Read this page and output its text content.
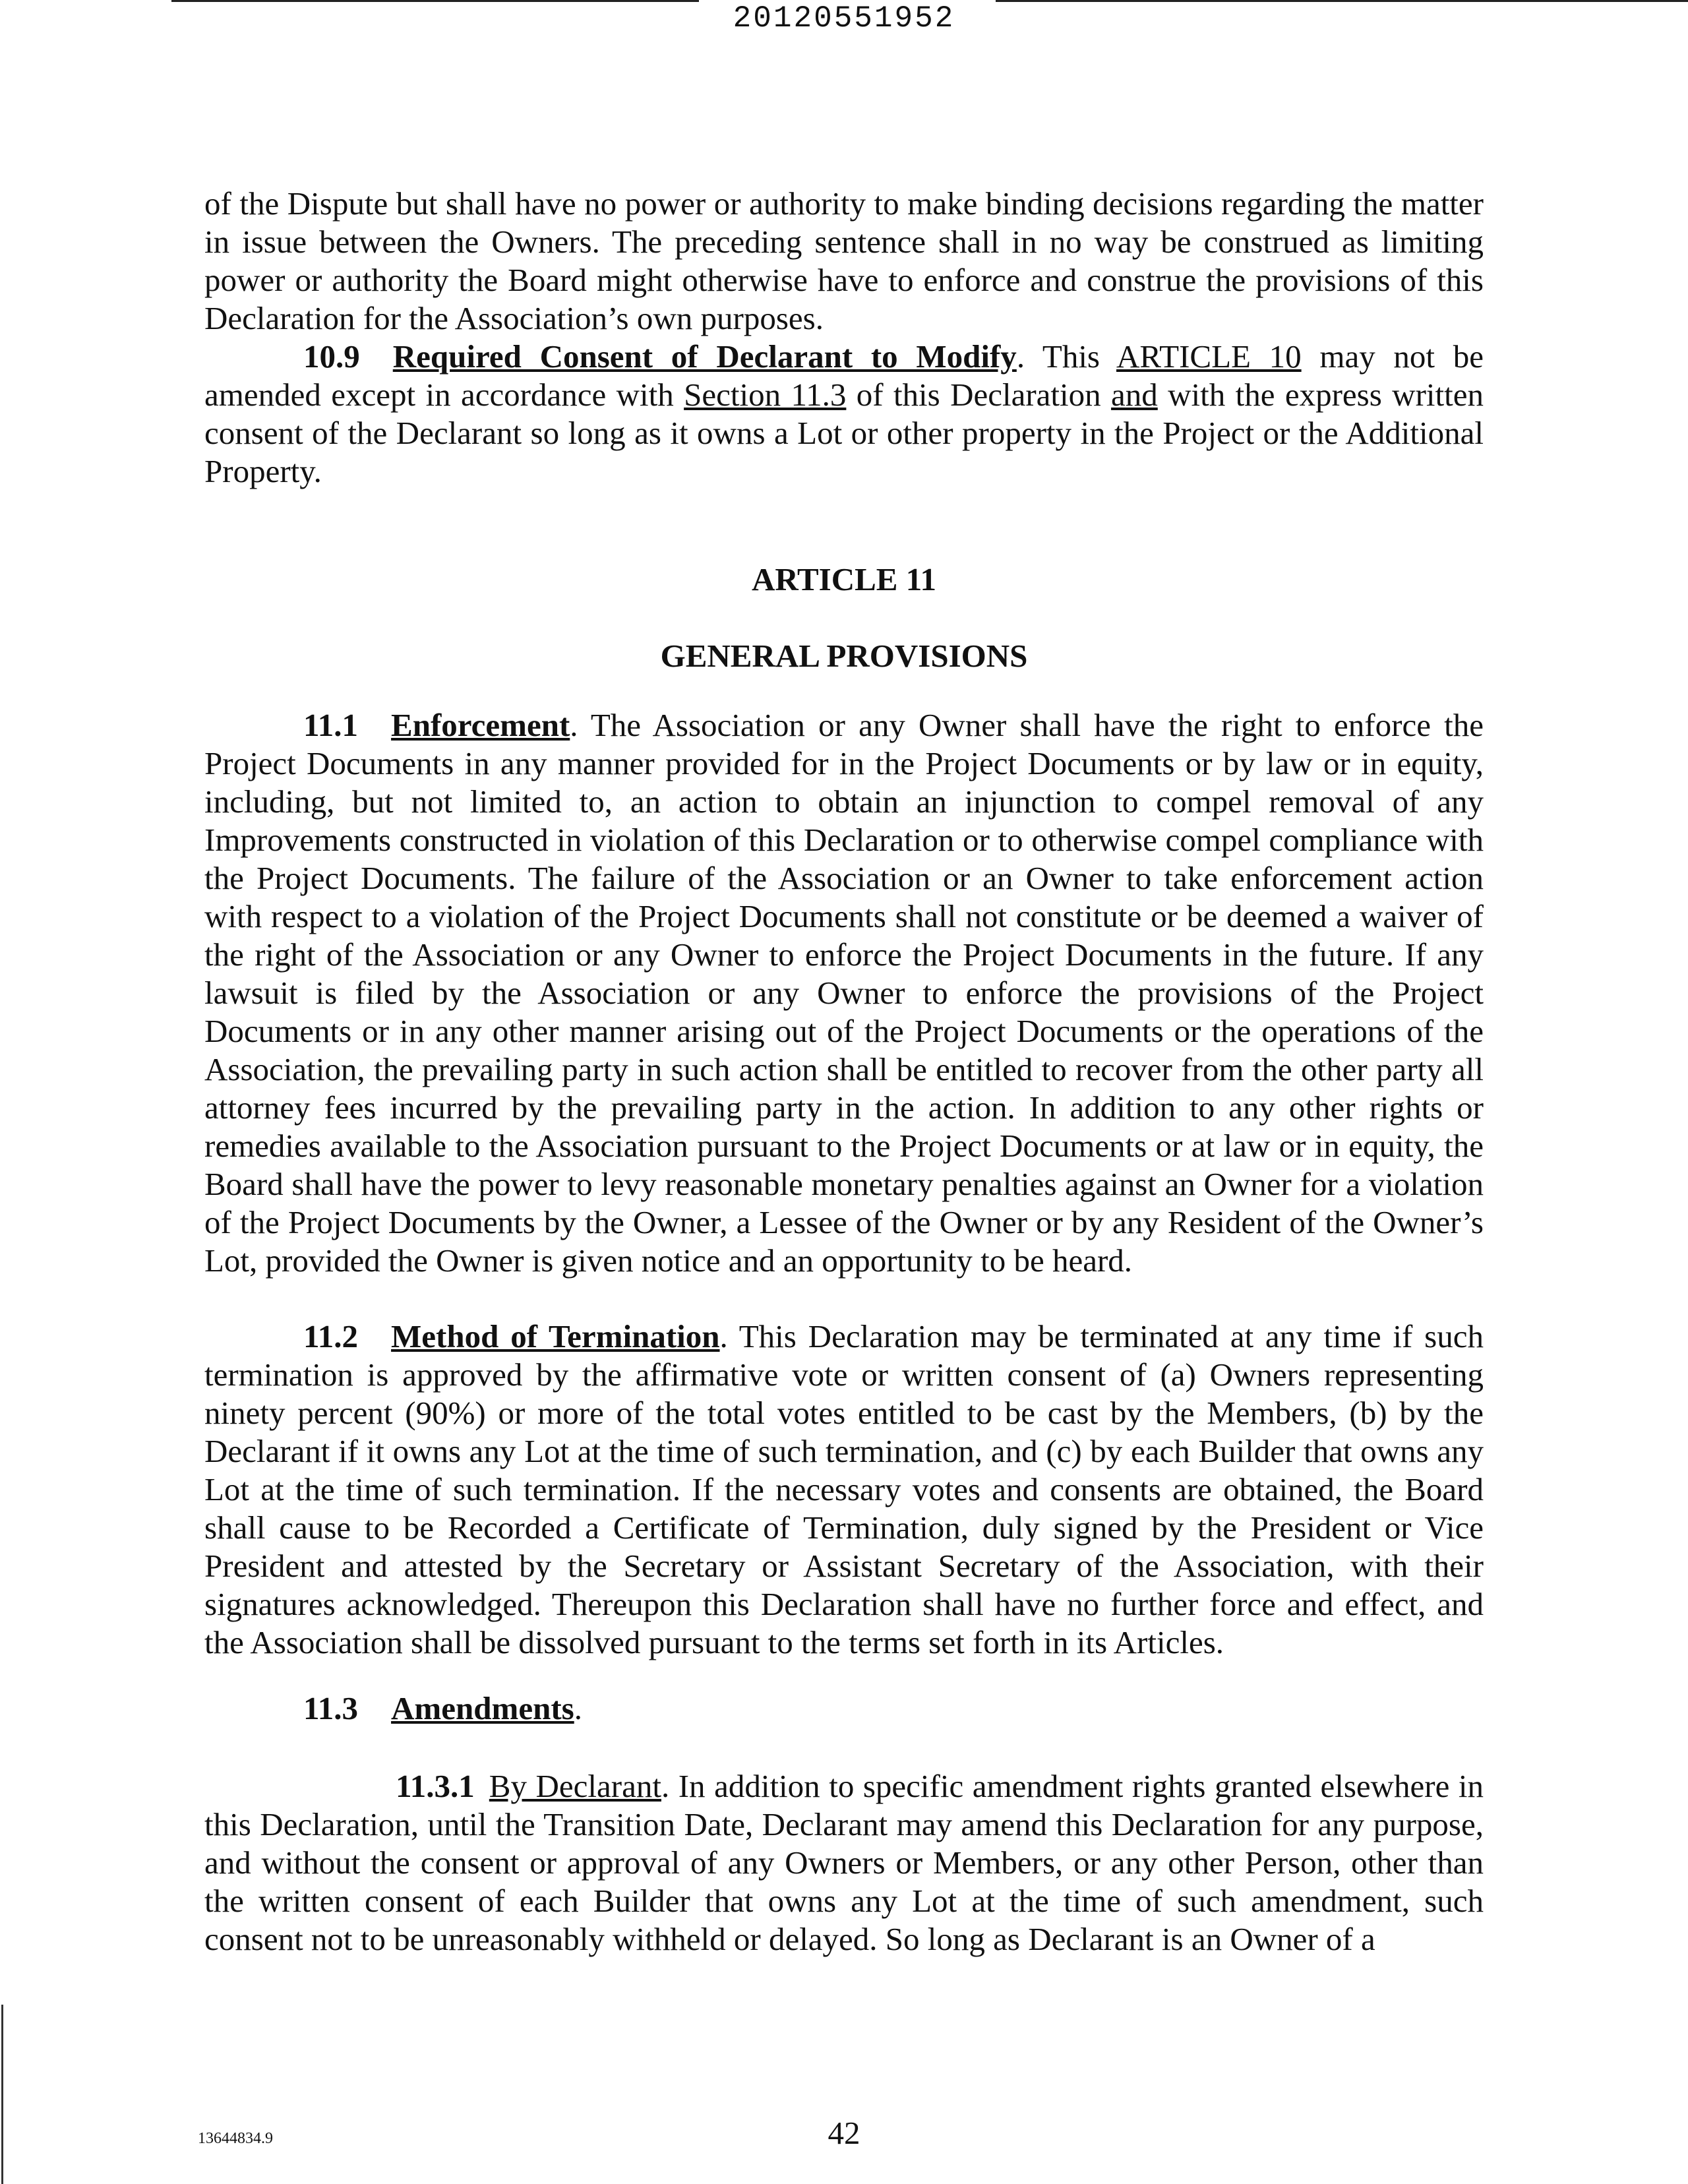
20120551952

of the Dispute but shall have no power or authority to make binding decisions regarding the matter in issue between the Owners. The preceding sentence shall in no way be construed as limiting power or authority the Board might otherwise have to enforce and construe the provisions of this Declaration for the Association’s own purposes.

10.9 Required Consent of Declarant to Modify. This ARTICLE 10 may not be amended except in accordance with Section 11.3 of this Declaration and with the express written consent of the Declarant so long as it owns a Lot or other property in the Project or the Additional Property.

ARTICLE 11
GENERAL PROVISIONS

11.1 Enforcement. The Association or any Owner shall have the right to enforce the Project Documents in any manner provided for in the Project Documents or by law or in equity, including, but not limited to, an action to obtain an injunction to compel removal of any Improvements constructed in violation of this Declaration or to otherwise compel compliance with the Project Documents. The failure of the Association or an Owner to take enforcement action with respect to a violation of the Project Documents shall not constitute or be deemed a waiver of the right of the Association or any Owner to enforce the Project Documents in the future. If any lawsuit is filed by the Association or any Owner to enforce the provisions of the Project Documents or in any other manner arising out of the Project Documents or the operations of the Association, the prevailing party in such action shall be entitled to recover from the other party all attorney fees incurred by the prevailing party in the action. In addition to any other rights or remedies available to the Association pursuant to the Project Documents or at law or in equity, the Board shall have the power to levy reasonable monetary penalties against an Owner for a violation of the Project Documents by the Owner, a Lessee of the Owner or by any Resident of the Owner’s Lot, provided the Owner is given notice and an opportunity to be heard.

11.2 Method of Termination. This Declaration may be terminated at any time if such termination is approved by the affirmative vote or written consent of (a) Owners representing ninety percent (90%) or more of the total votes entitled to be cast by the Members, (b) by the Declarant if it owns any Lot at the time of such termination, and (c) by each Builder that owns any Lot at the time of such termination. If the necessary votes and consents are obtained, the Board shall cause to be Recorded a Certificate of Termination, duly signed by the President or Vice President and attested by the Secretary or Assistant Secretary of the Association, with their signatures acknowledged. Thereupon this Declaration shall have no further force and effect, and the Association shall be dissolved pursuant to the terms set forth in its Articles.

11.3 Amendments.

11.3.1 By Declarant. In addition to specific amendment rights granted elsewhere in this Declaration, until the Transition Date, Declarant may amend this Declaration for any purpose, and without the consent or approval of any Owners or Members, or any other Person, other than the written consent of each Builder that owns any Lot at the time of such amendment, such consent not to be unreasonably withheld or delayed. So long as Declarant is an Owner of a

13644834.9	42
